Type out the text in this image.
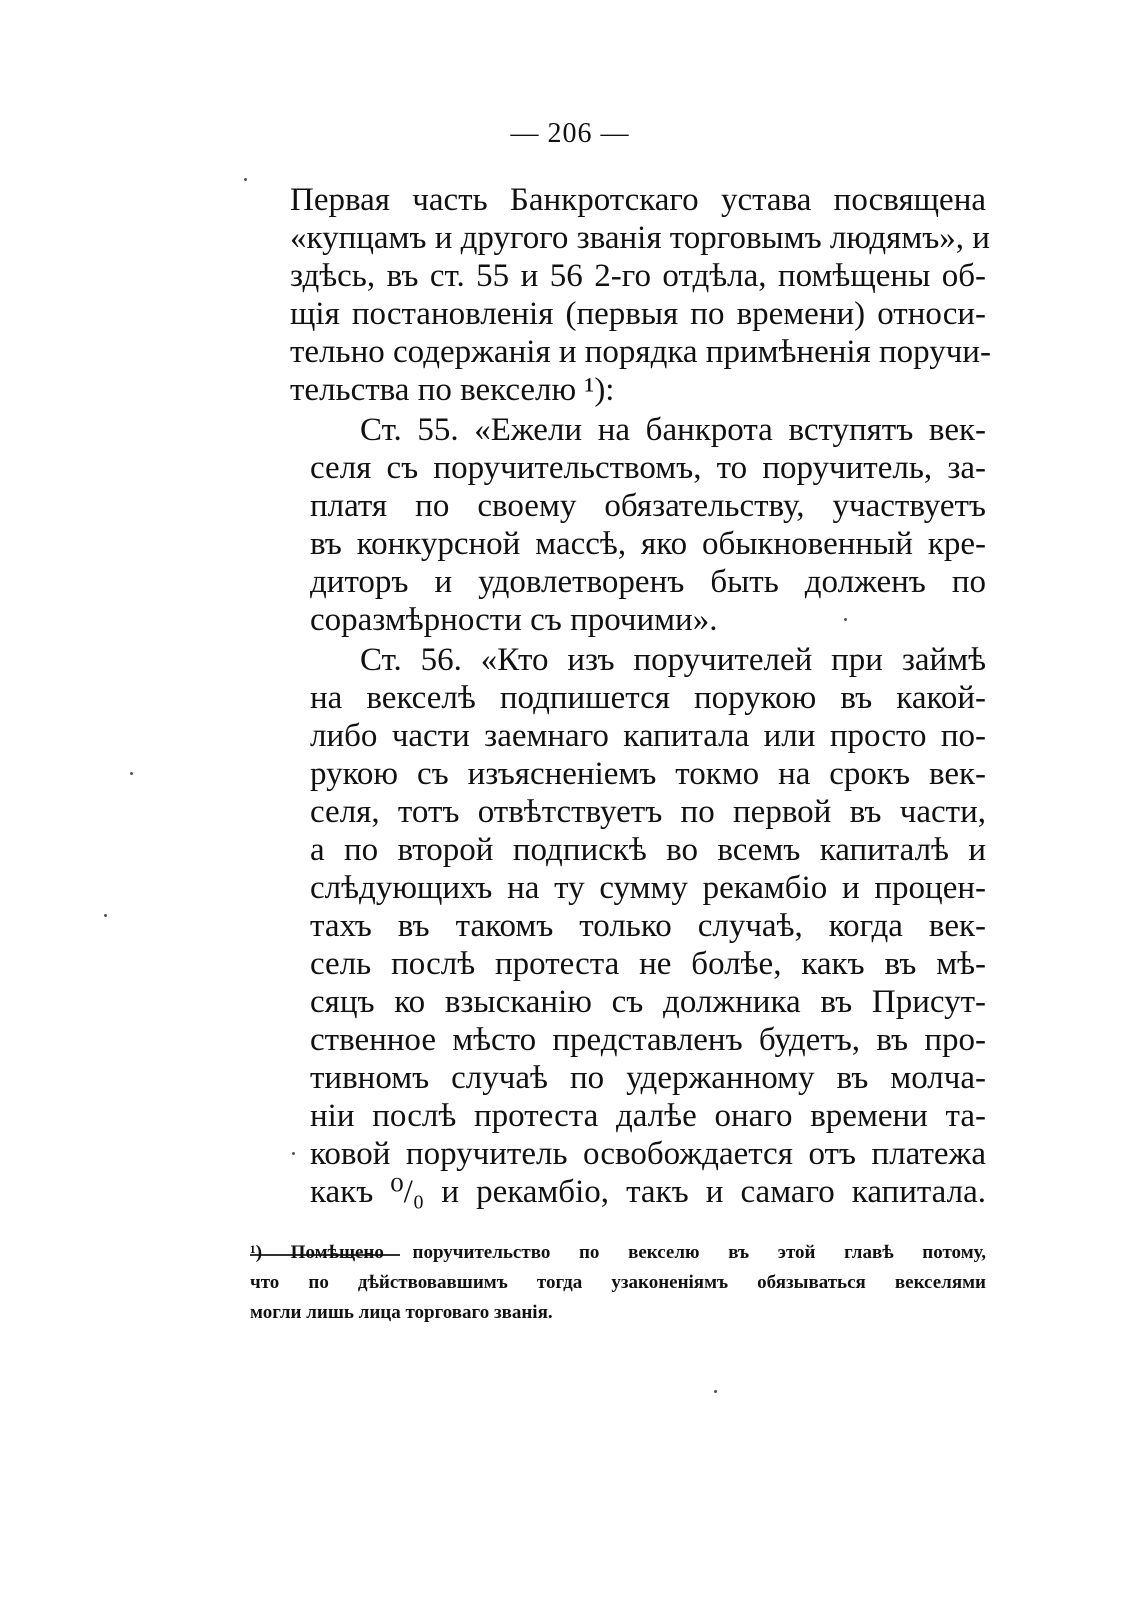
— 206 —
Первая часть Банкротскаго устава посвящена
«купцамъ и другого званія торговымъ людямъ», и
здѣсь, въ ст. 55 и 56 2-го отдѣла, помѣщены об-
щія постановленія (первыя по времени) относи-
тельно содержанія и порядка примѣненія поручи-
тельства по векселю ¹):
Ст. 55. «Ежели на банкрота вступятъ век-
селя съ поручительствомъ, то поручитель, за-
платя по своему обязательству, участвуетъ
въ конкурсной массѣ, яко обыкновенный кре-
диторъ и удовлетворенъ быть долженъ по
соразмѣрности съ прочими».
Ст. 56. «Кто изъ поручителей при займѣ
на векселѣ подпишется порукою въ какой-
либо части заемнаго капитала или просто по-
рукою съ изъясненіемъ токмо на срокъ век-
селя, тотъ отвѣтствуетъ по первой въ части,
а по второй подпискѣ во всемъ капиталѣ и
слѣдующихъ на ту сумму рекамбіо и процен-
тахъ въ такомъ только случаѣ, когда век-
сель послѣ протеста не болѣе, какъ въ мѣ-
сяцъ ко взысканію съ должника въ Присут-
ственное мѣсто представленъ будетъ, въ про-
тивномъ случаѣ по удержанному въ молча-
ніи послѣ протеста далѣе онаго времени та-
ковой поручитель освобождается отъ платежа
какъ ⁰/₀ и рекамбіо, такъ и самаго капитала.
¹) Помѣщено поручительство по векселю въ этой главѣ потому,
что по дѣйствовавшимъ тогда узаконеніямъ обязываться векселями
могли лишь лица торговаго званія.
